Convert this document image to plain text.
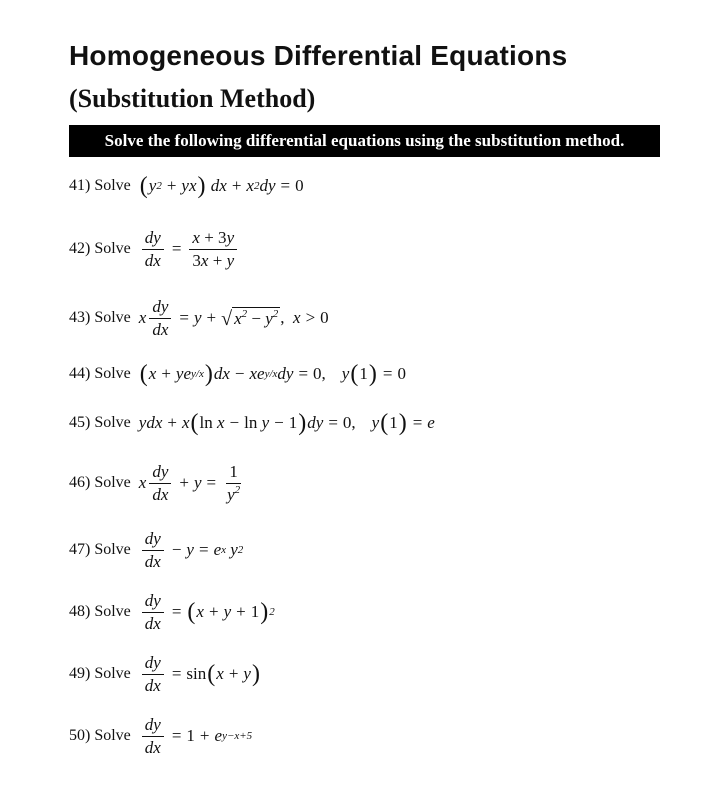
Homogeneous Differential Equations
(Substitution Method)
Solve the following differential equations using the substitution method.
41) Solve ( y 2 + yx ) dx + x 2 dy = 0
42) Solve $\frac{dy}{dx} = \frac{x + 3y}{3x + y}$
43) Solve x $\frac{dy}{dx} = y$ + √ $x^2 - y^2$ , x > 0
44) Solve ( x + ye y/x ) dx − xe y/x dy = 0, y ( 1 ) = 0
45) Solve ydx + x ( ln x − ln y − 1 ) dy = 0, y ( 1 ) = e
46) Solve x $\frac{dy}{dx} + y = \frac{1}{y^2}$
47) Solve $\frac{dy}{dx} - y = e$ x y 2
48) Solve $\frac{dy}{dx}$ = ( x + y + 1 ) 2
49) Solve $\frac{dy}{dx} = \sin$ ( x + y )
50) Solve $\frac{dy}{dx} = 1 + e$ y−x+5
